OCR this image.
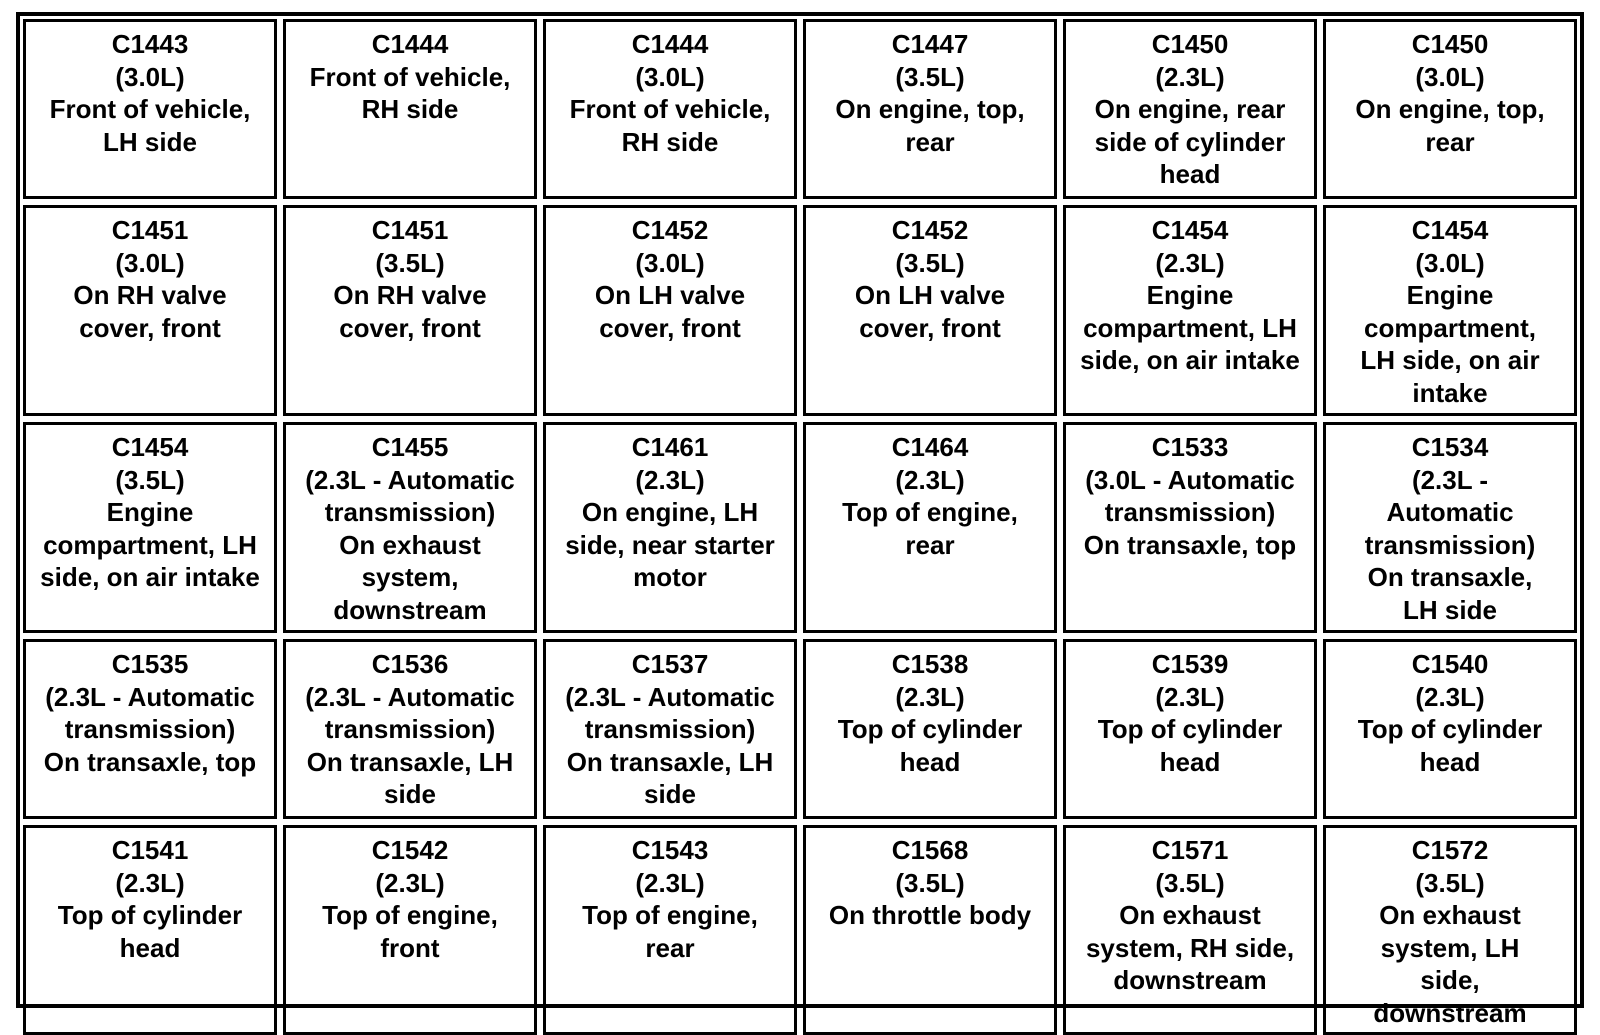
C1443
(3.0L)
Front of vehicle,
LH side
C1444
Front of vehicle,
RH side
C1444
(3.0L)
Front of vehicle,
RH side
C1447
(3.5L)
On engine, top,
rear
C1450
(2.3L)
On engine, rear
side of cylinder
head
C1450
(3.0L)
On engine, top,
rear
C1451
(3.0L)
On RH valve
cover, front
C1451
(3.5L)
On RH valve
cover, front
C1452
(3.0L)
On LH valve
cover, front
C1452
(3.5L)
On LH valve
cover, front
C1454
(2.3L)
Engine
compartment, LH
side, on air intake
C1454
(3.0L)
Engine
compartment,
LH side, on air
intake
C1454
(3.5L)
Engine
compartment, LH
side, on air intake
C1455
(2.3L - Automatic
transmission)
On exhaust
system,
downstream
C1461
(2.3L)
On engine, LH
side, near starter
motor
C1464
(2.3L)
Top of engine,
rear
C1533
(3.0L - Automatic
transmission)
On transaxle, top
C1534
(2.3L -
Automatic
transmission)
On transaxle,
LH side
C1535
(2.3L - Automatic
transmission)
On transaxle, top
C1536
(2.3L - Automatic
transmission)
On transaxle, LH
side
C1537
(2.3L - Automatic
transmission)
On transaxle, LH
side
C1538
(2.3L)
Top of cylinder
head
C1539
(2.3L)
Top of cylinder
head
C1540
(2.3L)
Top of cylinder
head
C1541
(2.3L)
Top of cylinder
head
C1542
(2.3L)
Top of engine,
front
C1543
(2.3L)
Top of engine,
rear
C1568
(3.5L)
On throttle body
C1571
(3.5L)
On exhaust
system, RH side,
downstream
C1572
(3.5L)
On exhaust
system, LH
side,
downstream
